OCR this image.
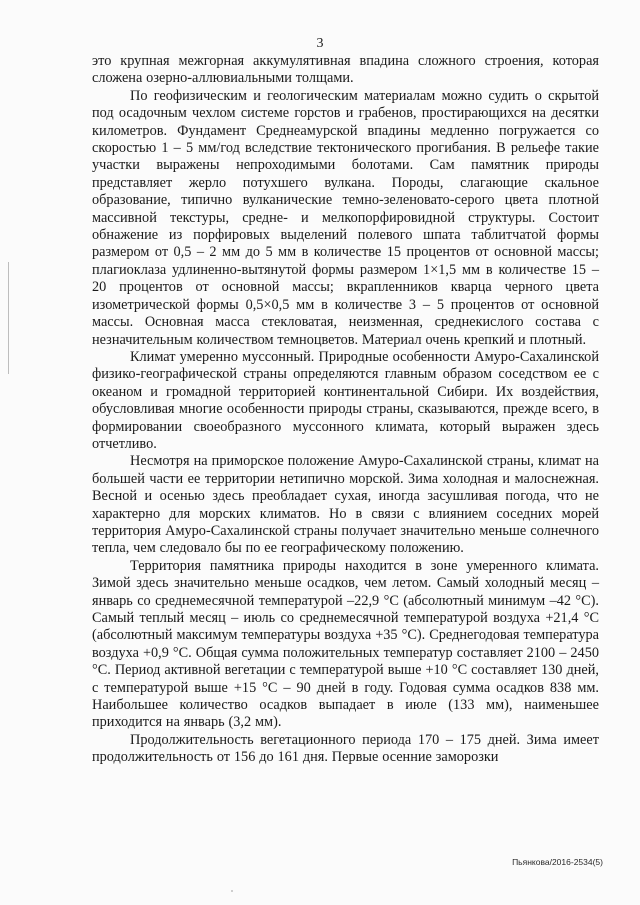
3

это крупная межгорная аккумулятивная впадина сложного строения, которая сложена озерно-аллювиальными толщами.

По геофизическим и геологическим материалам можно судить о скрытой под осадочным чехлом системе горстов и грабенов, простирающихся на десятки километров. Фундамент Среднеамурской впадины медленно погружается со скоростью 1 – 5 мм/год вследствие тектонического прогибания. В рельефе такие участки выражены непроходимыми болотами. Сам памятник природы представляет жерло потухшего вулкана. Породы, слагающие скальное образование, типично вулканические темно-зеленовато-серого цвета плотной массивной текстуры, средне- и мелкопорфировидной структуры. Состоит обнажение из порфировых выделений полевого шпата таблитчатой формы размером от 0,5 – 2 мм до 5 мм в количестве 15 процентов от основной массы; плагиоклаза удлиненно-вытянутой формы размером 1×1,5 мм в количестве 15 – 20 процентов от основной массы; вкрапленников кварца черного цвета изометрической формы 0,5×0,5 мм в количестве 3 – 5 процентов от основной массы. Основная масса стекловатая, неизменная, среднекислого состава с незначительным количеством темноцветов. Материал очень крепкий и плотный.

Климат умеренно муссонный. Природные особенности Амуро-Сахалинской физико-географической страны определяются главным образом соседством ее с океаном и громадной территорией континентальной Сибири. Их воздействия, обусловливая многие особенности природы страны, сказываются, прежде всего, в формировании своеобразного муссонного климата, который выражен здесь отчетливо.

Несмотря на приморское положение Амуро-Сахалинской страны, климат на большей части ее территории нетипично морской. Зима холодная и малоснежная. Весной и осенью здесь преобладает сухая, иногда засушливая погода, что не характерно для морских климатов. Но в связи с влиянием соседних морей территория Амуро-Сахалинской страны получает значительно меньше солнечного тепла, чем следовало бы по ее географическому положению.

Территория памятника природы находится в зоне умеренного климата. Зимой здесь значительно меньше осадков, чем летом. Самый холодный месяц – январь со среднемесячной температурой –22,9 °С (абсолютный минимум –42 °С). Самый теплый месяц – июль со среднемесячной температурой воздуха +21,4 °С (абсолютный максимум температуры воздуха +35 °С). Среднегодовая температура воздуха +0,9 °С. Общая сумма положительных температур составляет 2100 – 2450 °С. Период активной вегетации с температурой выше +10 °С составляет 130 дней, с температурой выше +15 °С – 90 дней в году. Годовая сумма осадков 838 мм. Наибольшее количество осадков выпадает в июле (133 мм), наименьшее приходится на январь (3,2 мм).

Продолжительность вегетационного периода 170 – 175 дней. Зима имеет продолжительность от 156 до 161 дня. Первые осенние заморозки

Пьянкова/2016-2534(5)
